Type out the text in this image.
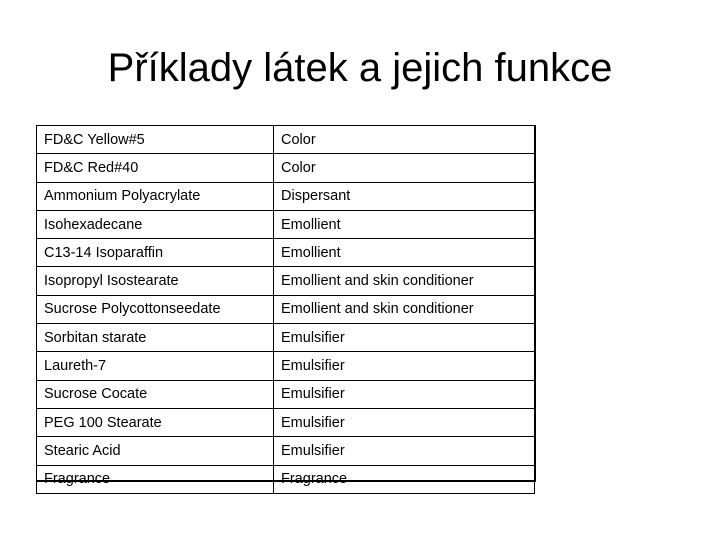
Příklady látek a jejich funkce
FD&C Yellow#5	Color
FD&C Red#40	Color
Ammonium Polyacrylate	Dispersant
Isohexadecane	Emollient
C13-14 Isoparaffin	Emollient
Isopropyl Isostearate	Emollient and skin conditioner
Sucrose Polycottonseedate	Emollient and skin conditioner
Sorbitan starate	Emulsifier
Laureth-7	Emulsifier
Sucrose Cocate	Emulsifier
PEG 100 Stearate	Emulsifier
Stearic Acid	Emulsifier
Fragrance	Fragrance
